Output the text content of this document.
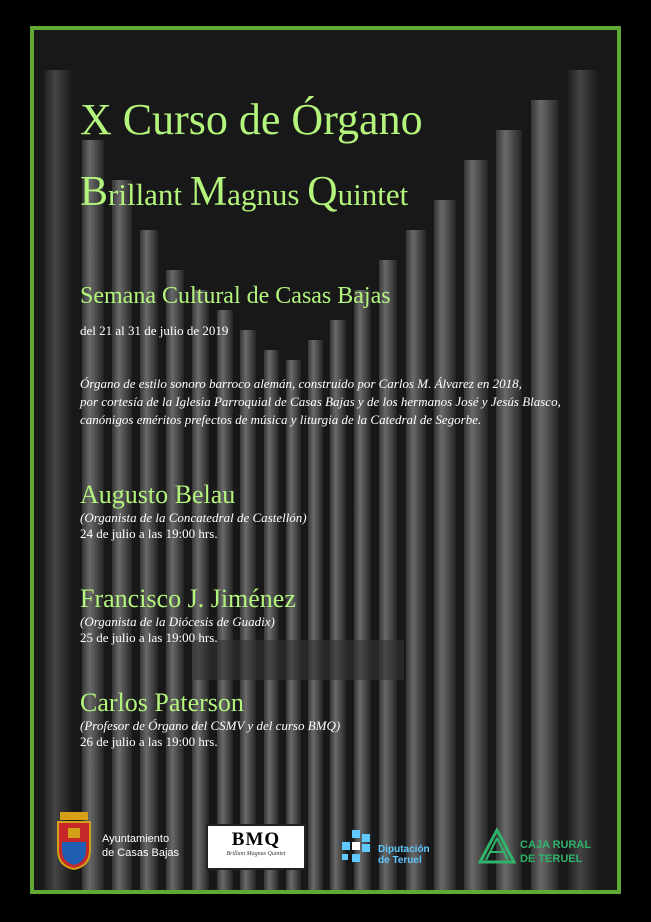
X Curso de Órgano
Brillant Magnus Quintet
Semana Cultural de Casas Bajas
del 21 al 31 de julio de 2019
Órgano de estilo sonoro barroco alemán, construido por Carlos M. Álvarez en 2018,
por cortesía de la Iglesia Parroquial de Casas Bajas y de los hermanos José y Jesús Blasco,
canónigos eméritos prefectos de música y liturgia de la Catedral de Segorbe.
Augusto Belau
(Organista de la Concatedral de Castellón)
24 de julio a las 19:00 hrs.
Francisco J. Jiménez
(Organista de la Diócesis de Guadix)
25 de julio a las 19:00 hrs.
Carlos Paterson
(Profesor de Órgano del CSMV y del curso BMQ)
26 de julio a las 19:00 hrs.
Ayuntamiento
de Casas Bajas
BMQ
Brillant Magnus Quintet	Diputación
de Teruel
CAJA RURAL
DE TERUEL
